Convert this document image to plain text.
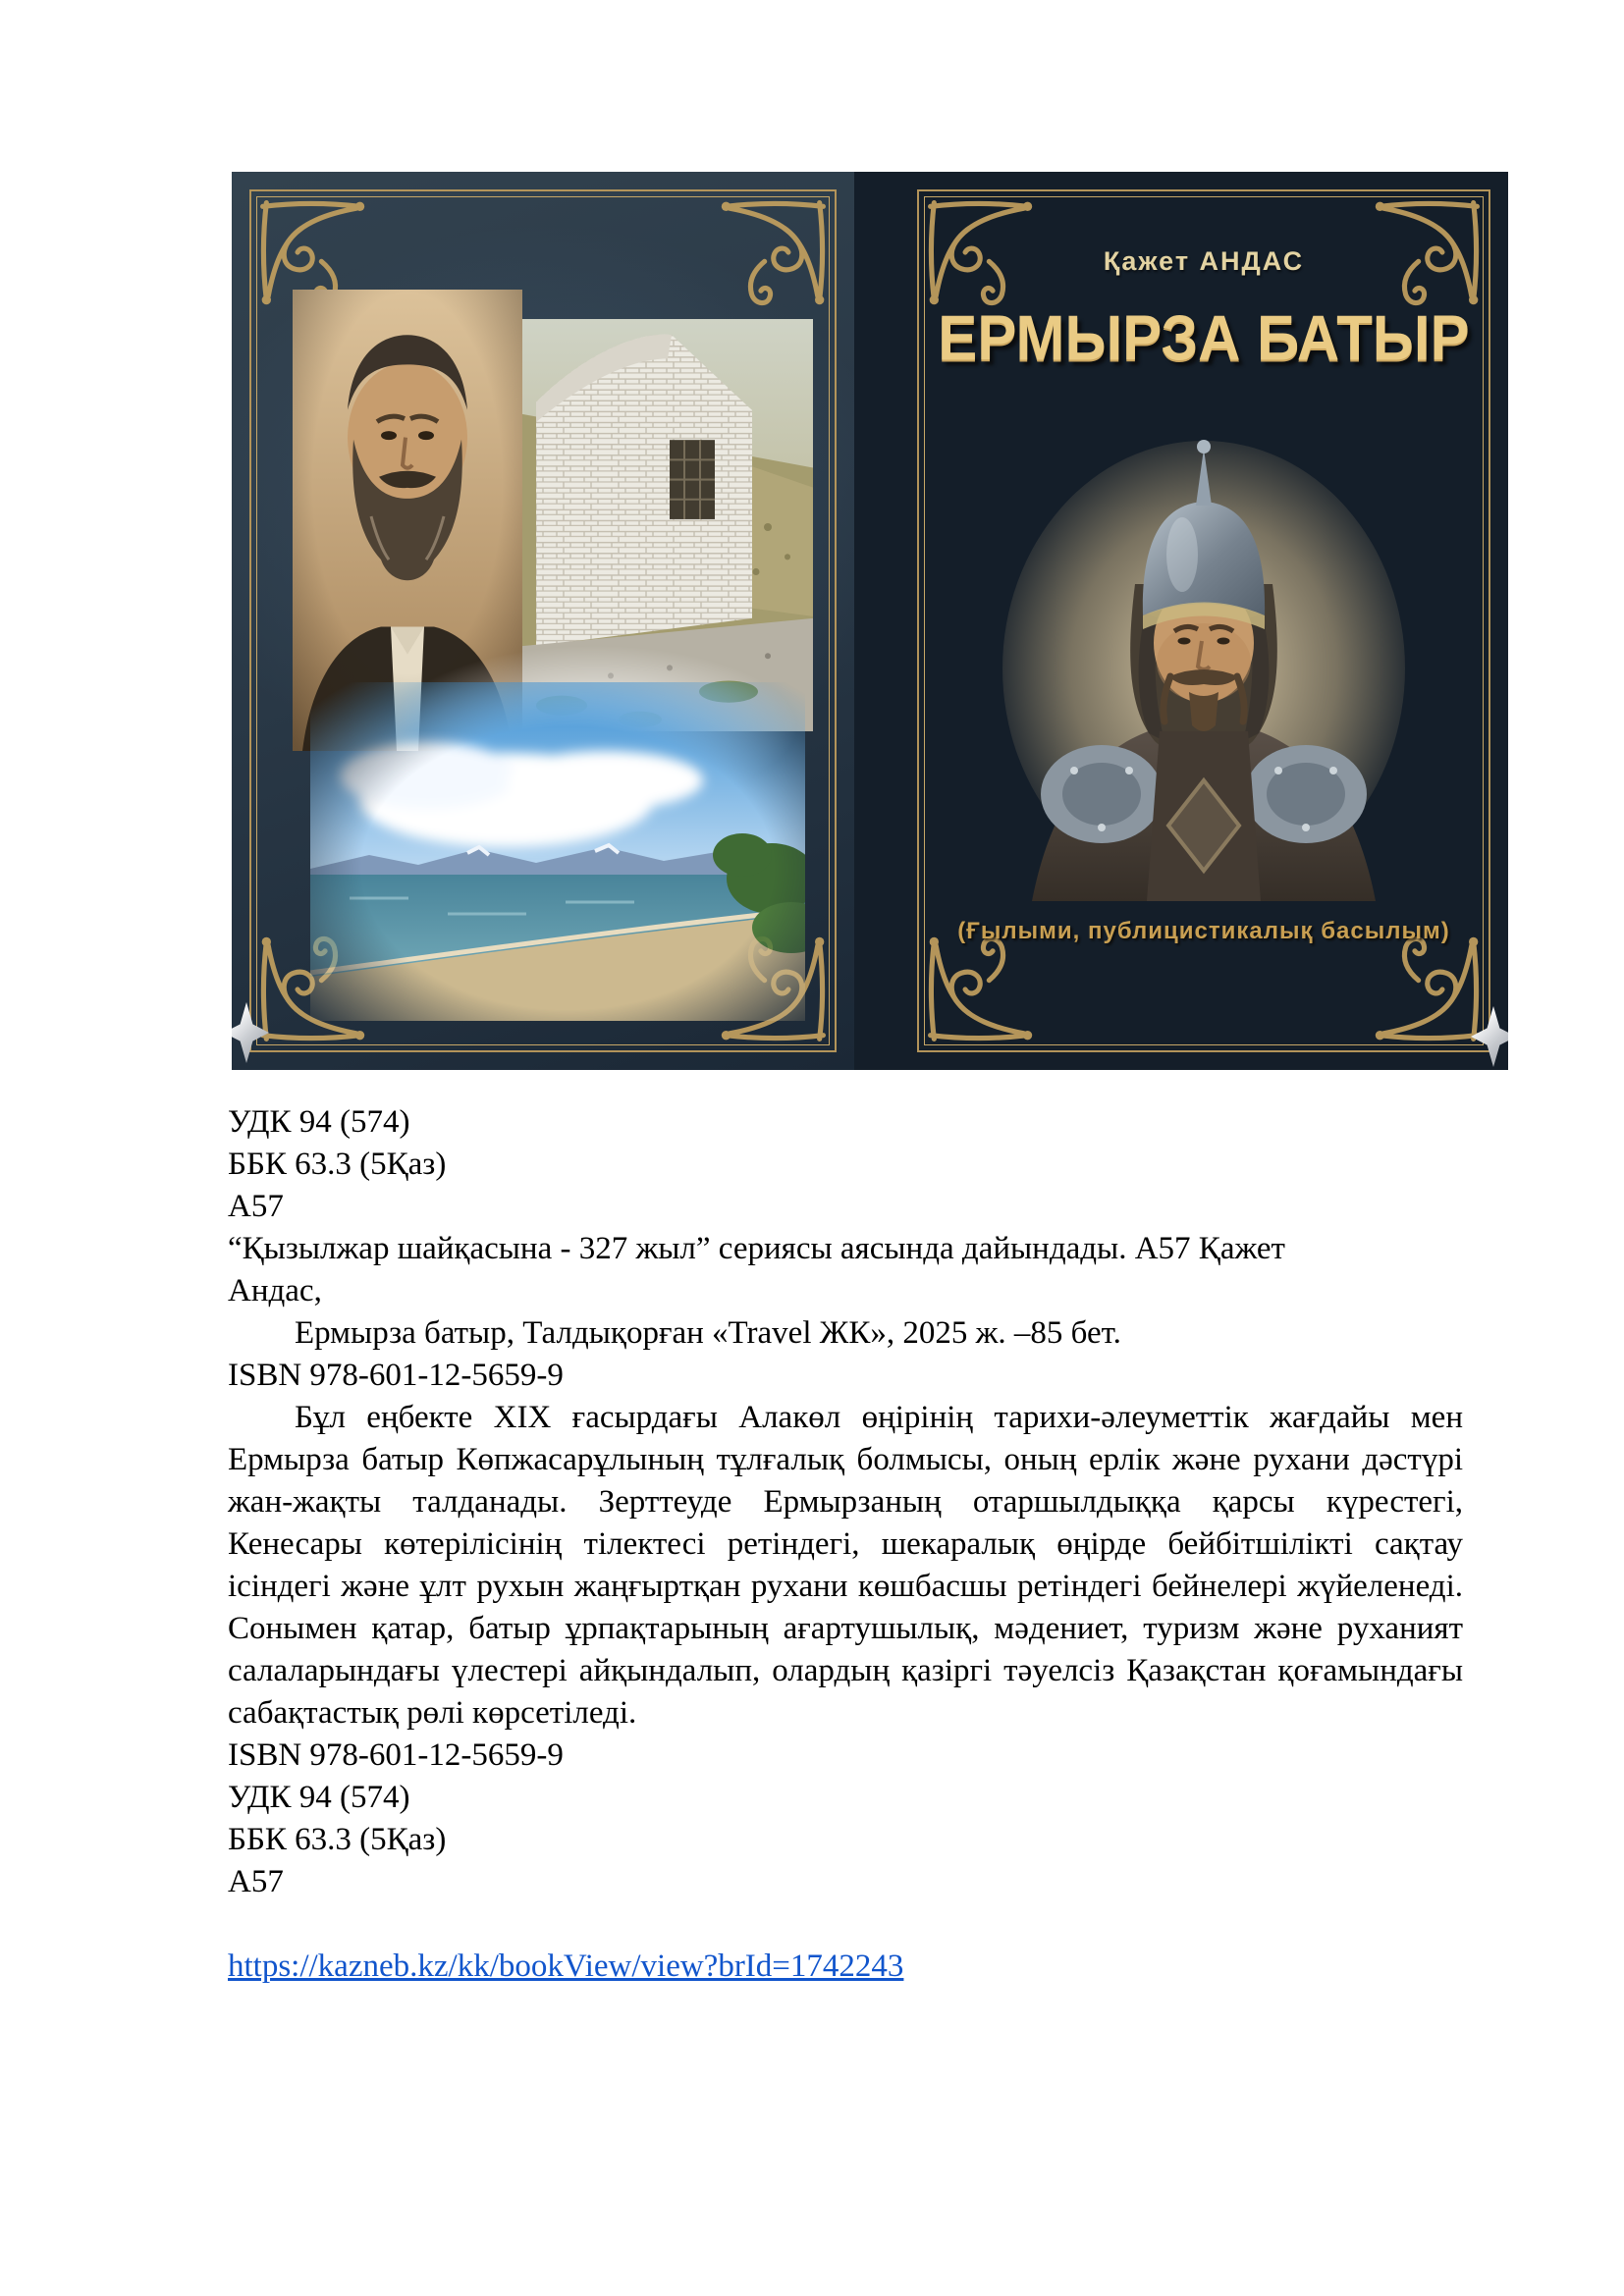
Қажет АНДАС
ЕРМЫРЗА БАТЫР
(Ғылыми, публицистикалық басылым)
УДК 94 (574)
ББК 63.3 (5Қаз)
А57
“Қызылжар шайқасына - 327 жыл” сериясы аясында дайындады. А57 Қажет
Андас,
Ермырза батыр, Талдықорған «Travel ЖК», 2025 ж. –85 бет.
ISBN 978-601-12-5659-9

Бұл еңбекте XIX ғасырдағы Алакөл өңірінің тарихи-әлеуметтік жағдайы мен Ермырза батыр Көпжасарұлының тұлғалық болмысы, оның ерлік және рухани дәстүрі жан-жақты талданады. Зерттеуде Ермырзаның отаршылдыққа қарсы күрестегі, Кенесары көтерілісінің тілектесі ретіндегі, шекаралық өңірде бейбітшілікті сақтау ісіндегі және ұлт рухын жаңғыртқан рухани көшбасшы ретіндегі бейнелері жүйеленеді. Сонымен қатар, батыр ұрпақтарының ағартушылық, мәдениет, туризм және руханият салаларындағы үлестері айқындалып, олардың қазіргі тәуелсіз Қазақстан қоғамындағы сабақтастық рөлі көрсетіледі.

ISBN 978-601-12-5659-9
УДК 94 (574)
ББК 63.3 (5Қаз)
А57
https://kazneb.kz/kk/bookView/view?brId=1742243
